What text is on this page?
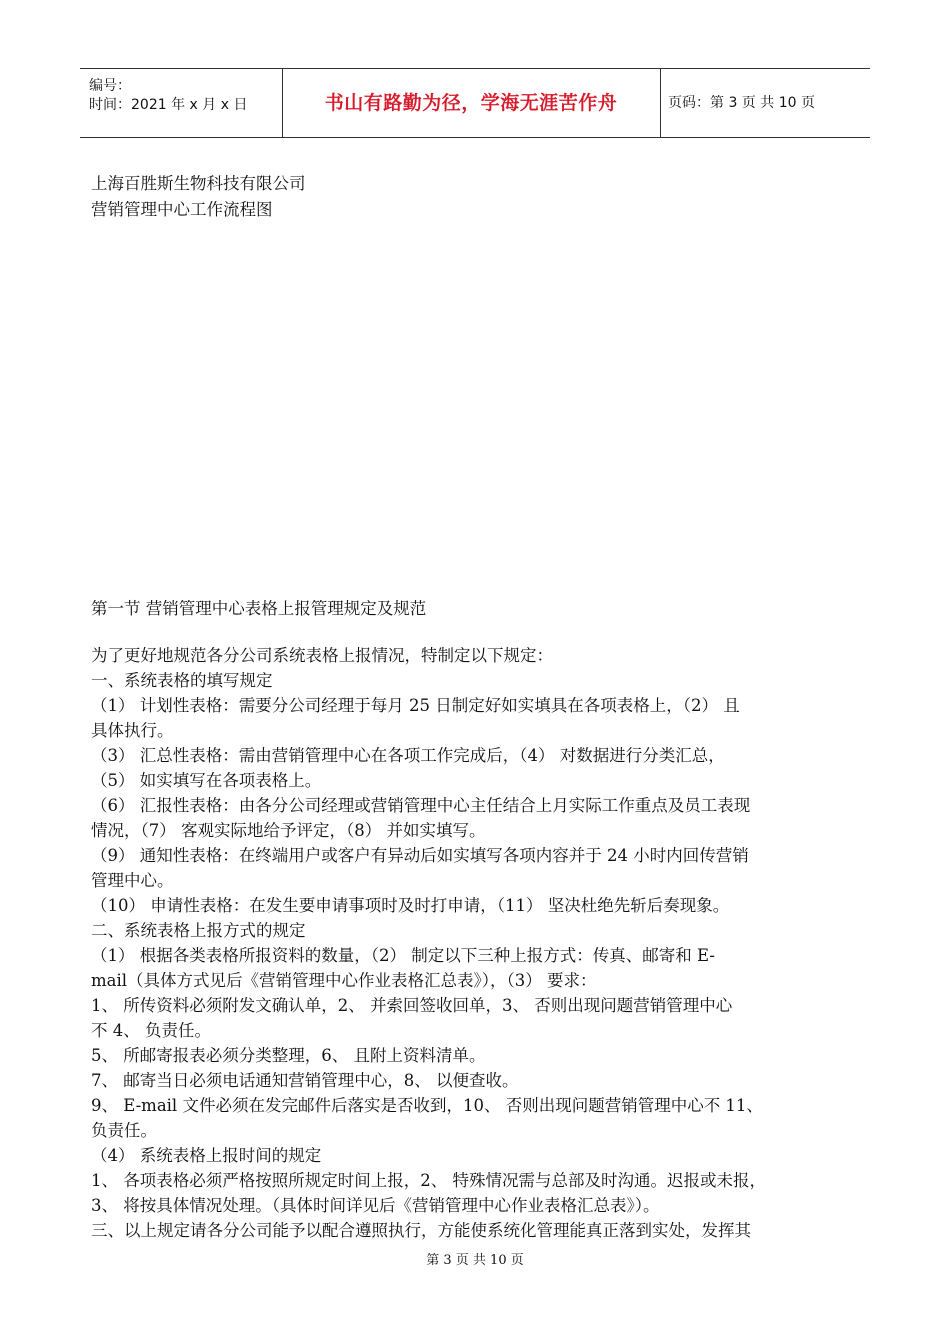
编号：
时间：2021 年 x 月 x 日	书山有路勤为径，学海无涯苦作舟	页码：第 3 页 共 10 页
上海百胜斯生物科技有限公司
营销管理中心工作流程图
第一节 营销管理中心表格上报管理规定及规范

为了更好地规范各分公司系统表格上报情况，特制定以下规定：

一、系统表格的填写规定

（1） 计划性表格：需要分公司经理于每月 25 日制定好如实填具在各项表格上，（2） 且

具体执行。

（3） 汇总性表格：需由营销管理中心在各项工作完成后，（4） 对数据进行分类汇总，

（5） 如实填写在各项表格上。

（6） 汇报性表格：由各分公司经理或营销管理中心主任结合上月实际工作重点及员工表现

情况，（7） 客观实际地给予评定，（8） 并如实填写。

（9） 通知性表格：在终端用户或客户有异动后如实填写各项内容并于 24 小时内回传营销

管理中心。

（10） 申请性表格：在发生要申请事项时及时打申请，（11） 坚决杜绝先斩后奏现象。

二、系统表格上报方式的规定

（1） 根据各类表格所报资料的数量，（2） 制定以下三种上报方式：传真、邮寄和 E-

mail（具体方式见后《营销管理中心作业表格汇总表》），（3） 要求：

1、 所传资料必须附发文确认单，2、 并索回签收回单，3、 否则出现问题营销管理中心

不 4、 负责任。

5、 所邮寄报表必须分类整理，6、 且附上资料清单。

7、 邮寄当日必须电话通知营销管理中心，8、 以便查收。

9、 E-mail 文件必须在发完邮件后落实是否收到，10、 否则出现问题营销管理中心不 11、

负责任。

（4） 系统表格上报时间的规定

1、 各项表格必须严格按照所规定时间上报，2、 特殊情况需与总部及时沟通。迟报或未报，

3、 将按具体情况处理。（具体时间详见后《营销管理中心作业表格汇总表》）。

三、以上规定请各分公司能予以配合遵照执行，方能使系统化管理能真正落到实处，发挥其

第 3 页 共 10 页
